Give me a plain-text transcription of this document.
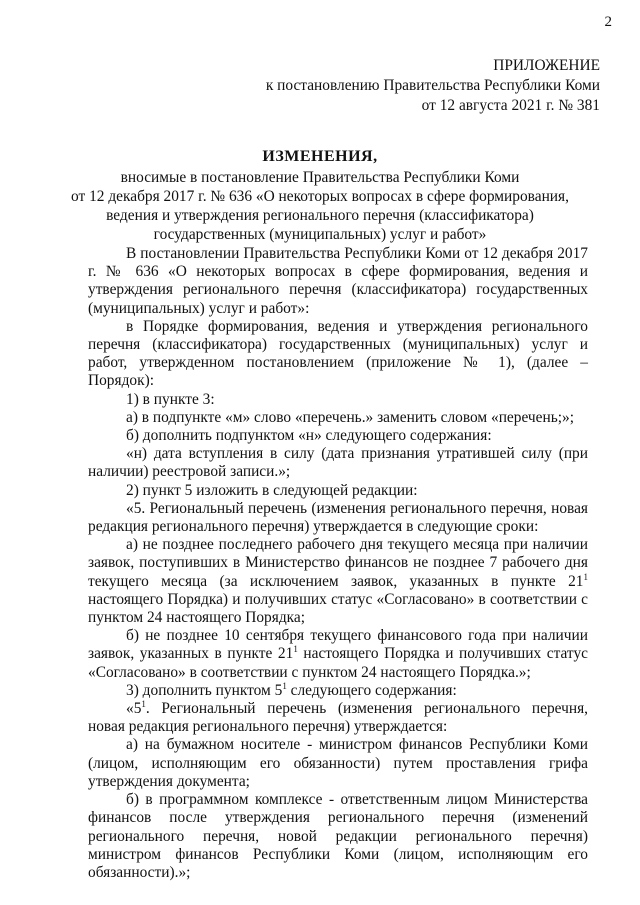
2
ПРИЛОЖЕНИЕ
к постановлению Правительства Республики Коми
от 12 августа 2021 г. № 381
ИЗМЕНЕНИЯ,
вносимые в постановление Правительства Республики Коми
от 12 декабря 2017 г. № 636 «О некоторых вопросах в сфере формирования,
ведения и утверждения регионального перечня (классификатора)
государственных (муниципальных) услуг и работ»

В постановлении Правительства Республики Коми от 12 декабря 2017 г. № 636 «О некоторых вопросах в сфере формирования, ведения и утверждения регионального перечня (классификатора) государственных (муниципальных) услуг и работ»:

в Порядке формирования, ведения и утверждения регионального перечня (классификатора) государственных (муниципальных) услуг и работ, утвержденном постановлением (приложение № 1), (далее – Порядок):

1) в пункте 3:

а) в подпункте «м» слово «перечень.» заменить словом «перечень;»;

б) дополнить подпунктом «н» следующего содержания:

«н) дата вступления в силу (дата признания утратившей силу (при наличии) реестровой записи.»;

2) пункт 5 изложить в следующей редакции:

«5. Региональный перечень (изменения регионального перечня, новая редакция регионального перечня) утверждается в следующие сроки:

а) не позднее последнего рабочего дня текущего месяца при наличии заявок, поступивших в Министерство финансов не позднее 7 рабочего дня текущего месяца (за исключением заявок, указанных в пункте $21^1$ настоящего Порядка) и получивших статус «Согласовано» в соответствии с пунктом 24 настоящего Порядка;

б) не позднее 10 сентября текущего финансового года при наличии заявок, указанных в пункте $21^1$ настоящего Порядка и получивших статус «Согласовано» в соответствии с пунктом 24 настоящего Порядка.»;

3) дополнить пунктом $5^1$ следующего содержания:

«$5^1$. Региональный перечень (изменения регионального перечня, новая редакция регионального перечня) утверждается:

а) на бумажном носителе - министром финансов Республики Коми (лицом, исполняющим его обязанности) путем проставления грифа утверждения документа;

б) в программном комплексе - ответственным лицом Министерства финансов после утверждения регионального перечня (изменений регионального перечня, новой редакции регионального перечня) министром финансов Республики Коми (лицом, исполняющим его обязанности).»;
